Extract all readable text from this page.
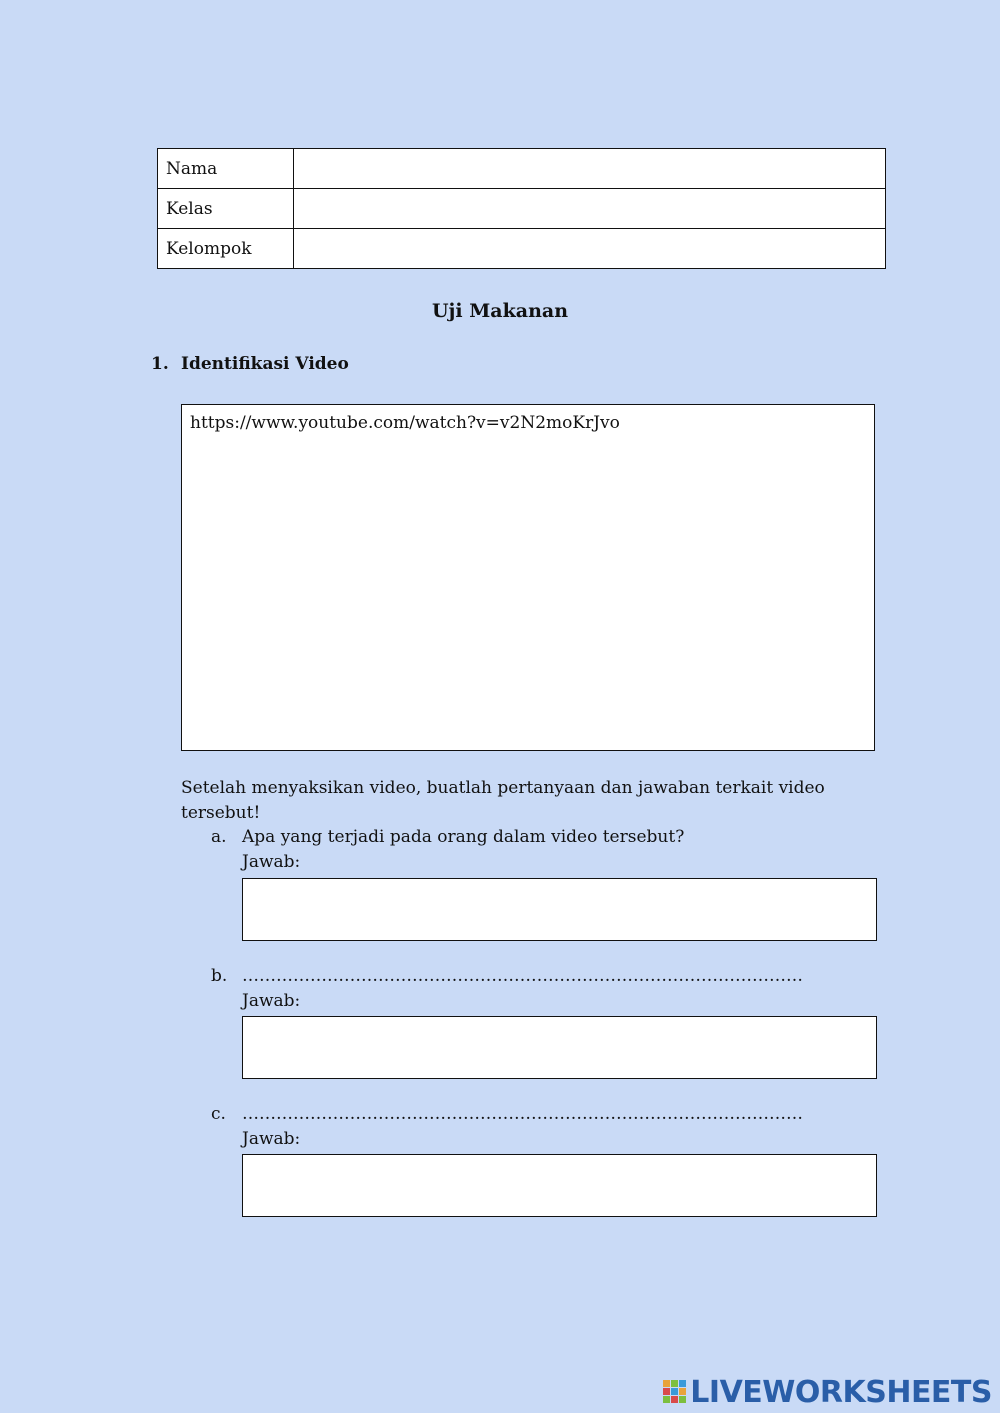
Nama	
Kelas	
Kelompok	
Uji Makanan
1. Identifikasi Video
https://www.youtube.com/watch?v=v2N2moKrJvo
Setelah menyaksikan video, buatlah pertanyaan dan jawaban terkait video tersebut!
a. Apa yang terjadi pada orang dalam video tersebut?
Jawab:
b. ………………………………………………………………………………………
Jawab:
c. ………………………………………………………………………………………
Jawab:
LIVEWORKSHEETS
